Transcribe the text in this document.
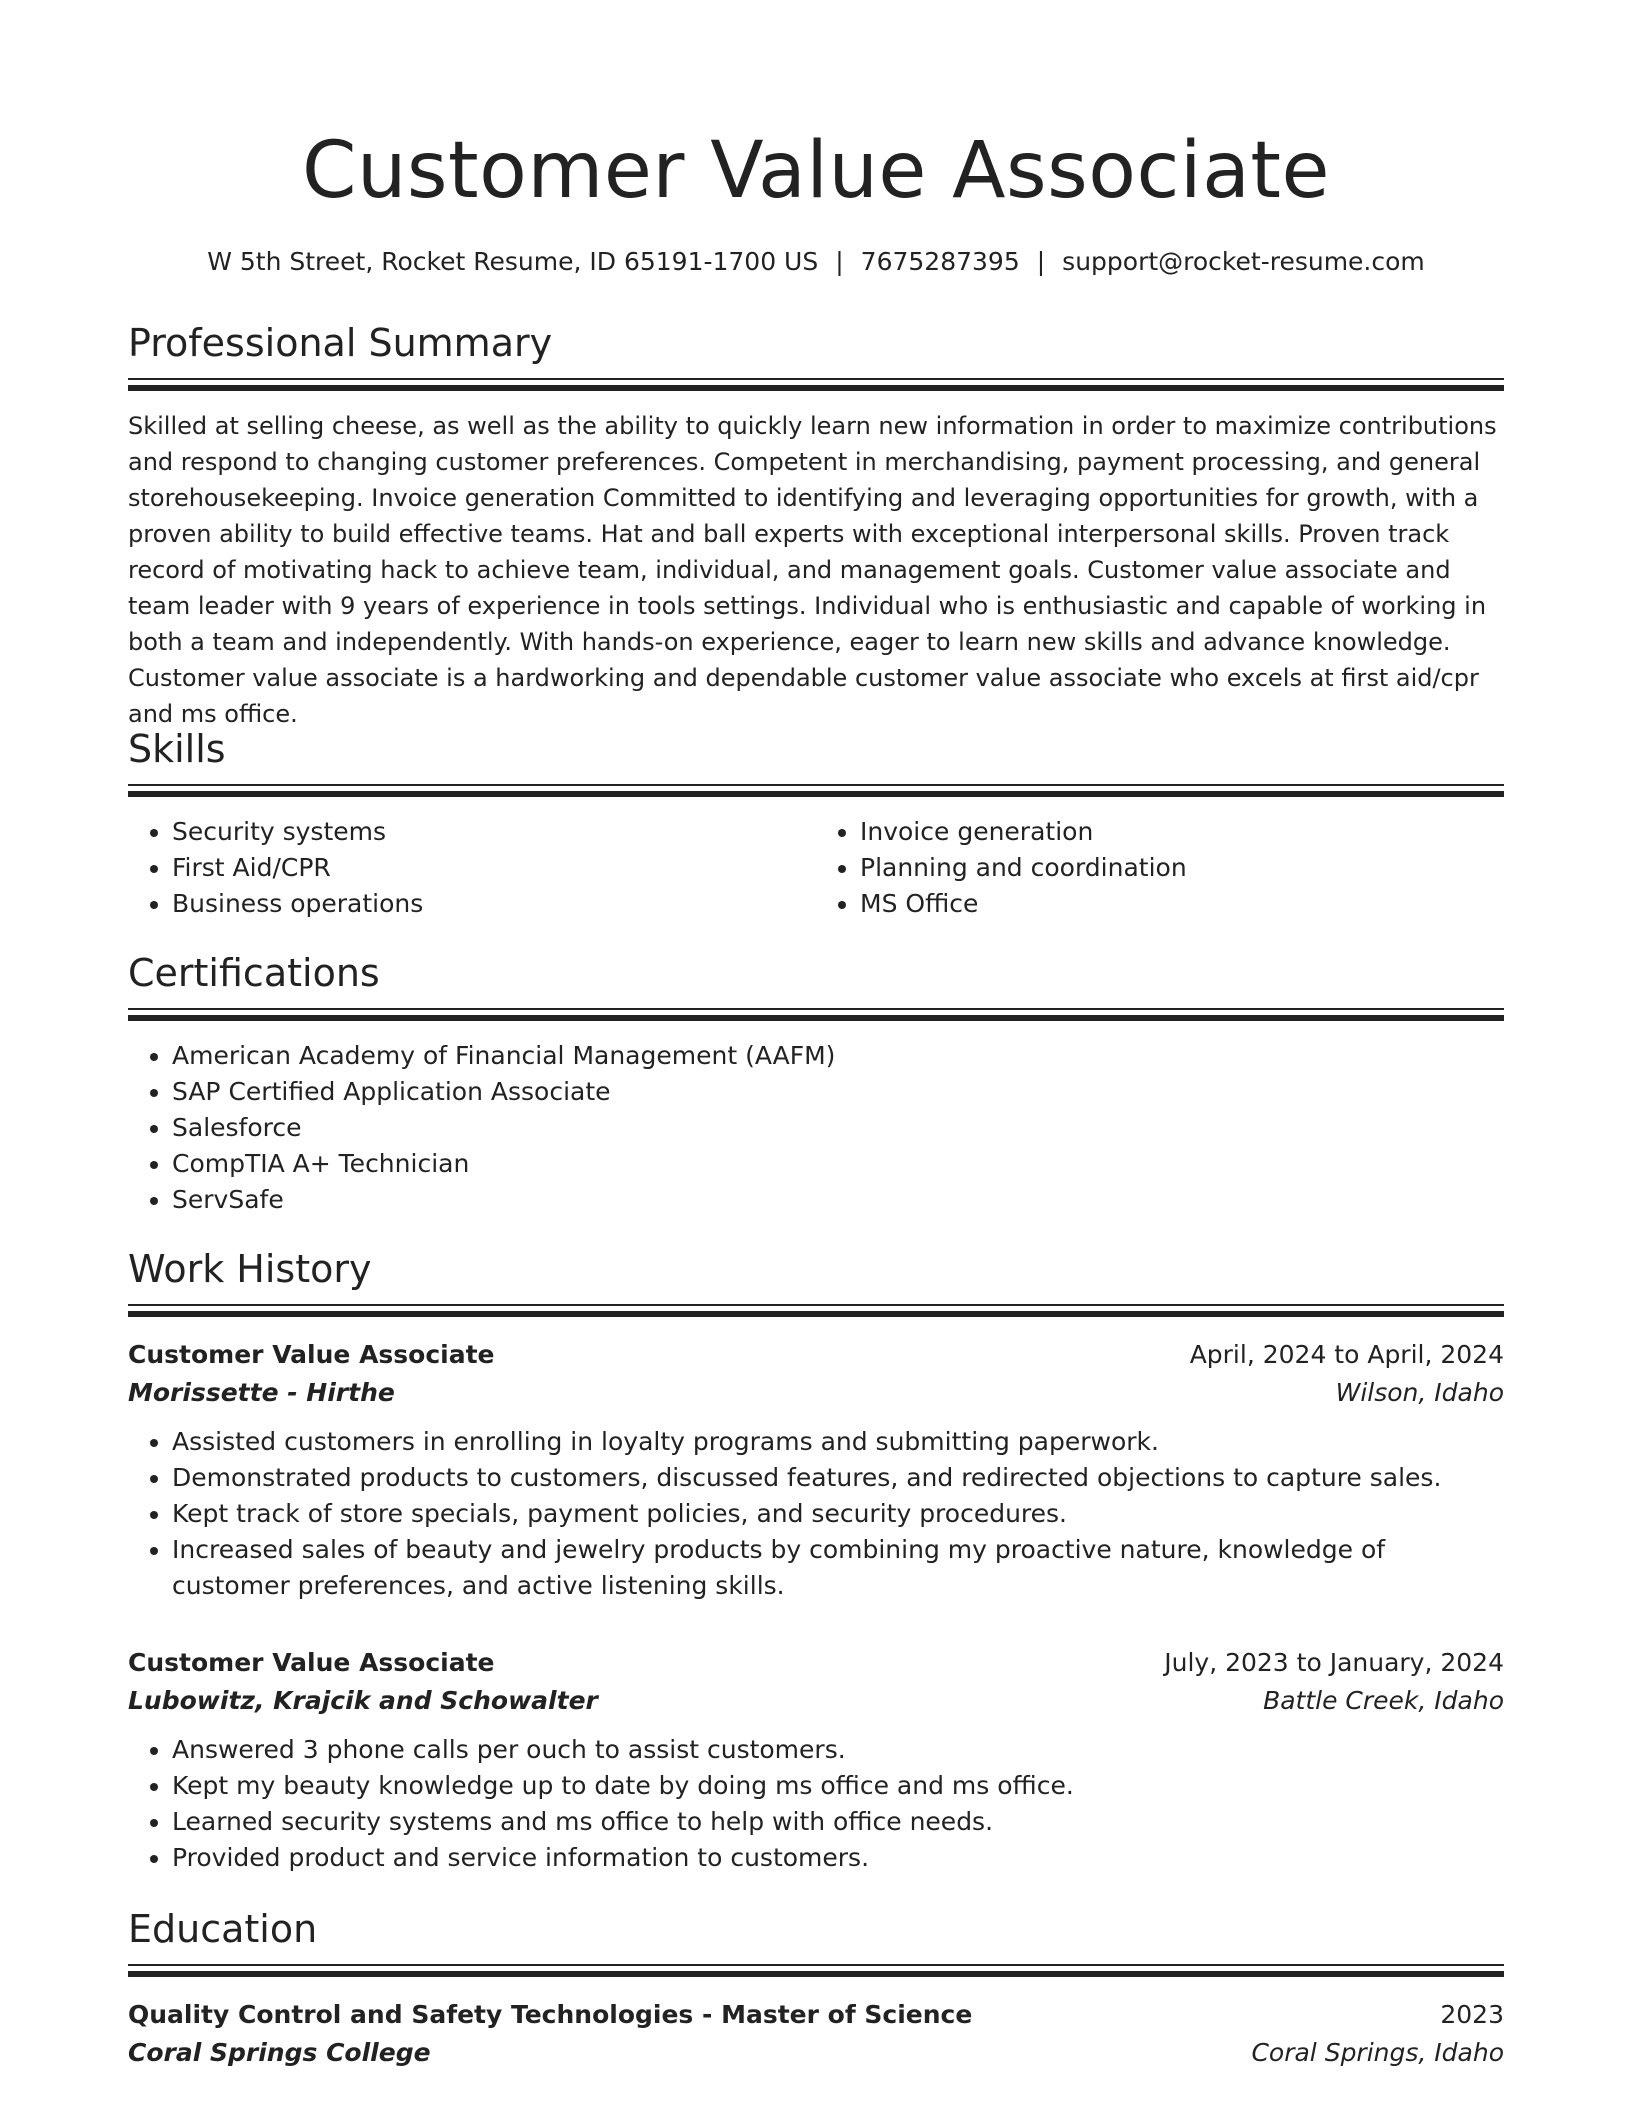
Customer Value Associate
W 5th Street, Rocket Resume, ID 65191-1700 US | 7675287395 | support@rocket-resume.com
Professional Summary

Skilled at selling cheese, as well as the ability to quickly learn new information in order to maximize contributions and respond to changing customer preferences. Competent in merchandising, payment processing, and general storehousekeeping. Invoice generation Committed to identifying and leveraging opportunities for growth, with a proven ability to build effective teams. Hat and ball experts with exceptional interpersonal skills. Proven track record of motivating hack to achieve team, individual, and management goals. Customer value associate and team leader with 9 years of experience in tools settings. Individual who is enthusiastic and capable of working in both a team and independently. With hands-on experience, eager to learn new skills and advance knowledge. Customer value associate is a hardworking and dependable customer value associate who excels at first aid/cpr and ms office.

Skills
• Security systems
• First Aid/CPR
• Business operations
• Invoice generation
• Planning and coordination
• MS Office
Certifications
• American Academy of Financial Management (AAFM)
• SAP Certified Application Associate
• Salesforce
• CompTIA A+ Technician
• ServSafe
Work History
Customer Value Associate	April, 2024 to April, 2024
Morissette - Hirthe	Wilson, Idaho
• Assisted customers in enrolling in loyalty programs and submitting paperwork.
• Demonstrated products to customers, discussed features, and redirected objections to capture sales.
• Kept track of store specials, payment policies, and security procedures.
• Increased sales of beauty and jewelry products by combining my proactive nature, knowledge of customer preferences, and active listening skills.
Customer Value Associate	July, 2023 to January, 2024
Lubowitz, Krajcik and Schowalter	Battle Creek, Idaho
• Answered 3 phone calls per ouch to assist customers.
• Kept my beauty knowledge up to date by doing ms office and ms office.
• Learned security systems and ms office to help with office needs.
• Provided product and service information to customers.
Education
Quality Control and Safety Technologies - Master of Science	2023
Coral Springs College	Coral Springs, Idaho
